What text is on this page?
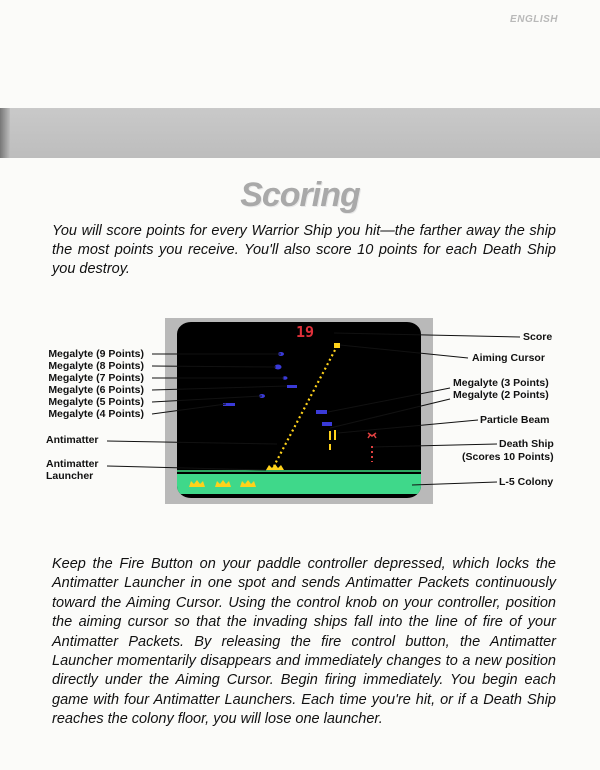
ENGLISH
Scoring

You will score points for every Warrior Ship you hit—the farther away the ship the most points you receive. You'll also score 10 points for each Death Ship you destroy.

19
Megalyte (9 Points)
Megalyte (8 Points)
Megalyte (7 Points)
Megalyte (6 Points)
Megalyte (5 Points)
Megalyte (4 Points)
Antimatter
Antimatter
Launcher
Score
Aiming Cursor
Megalyte (3 Points)
Megalyte (2 Points)
Particle Beam
Death Ship
(Scores 10 Points)
L-5 Colony

Keep the Fire Button on your paddle controller depressed, which locks the Antimatter Launcher in one spot and sends Antimatter Packets continuously toward the Aiming Cursor. Using the control knob on your controller, position the aiming cursor so that the invading ships fall into the line of fire of your Antimatter Packets. By releasing the fire control button, the Antimatter Launcher momentarily disappears and immediately changes to a new position directly under the Aiming Cursor. Begin firing immediately. You begin each game with four Antimatter Launchers. Each time you're hit, or if a Death Ship reaches the colony floor, you will lose one launcher.
